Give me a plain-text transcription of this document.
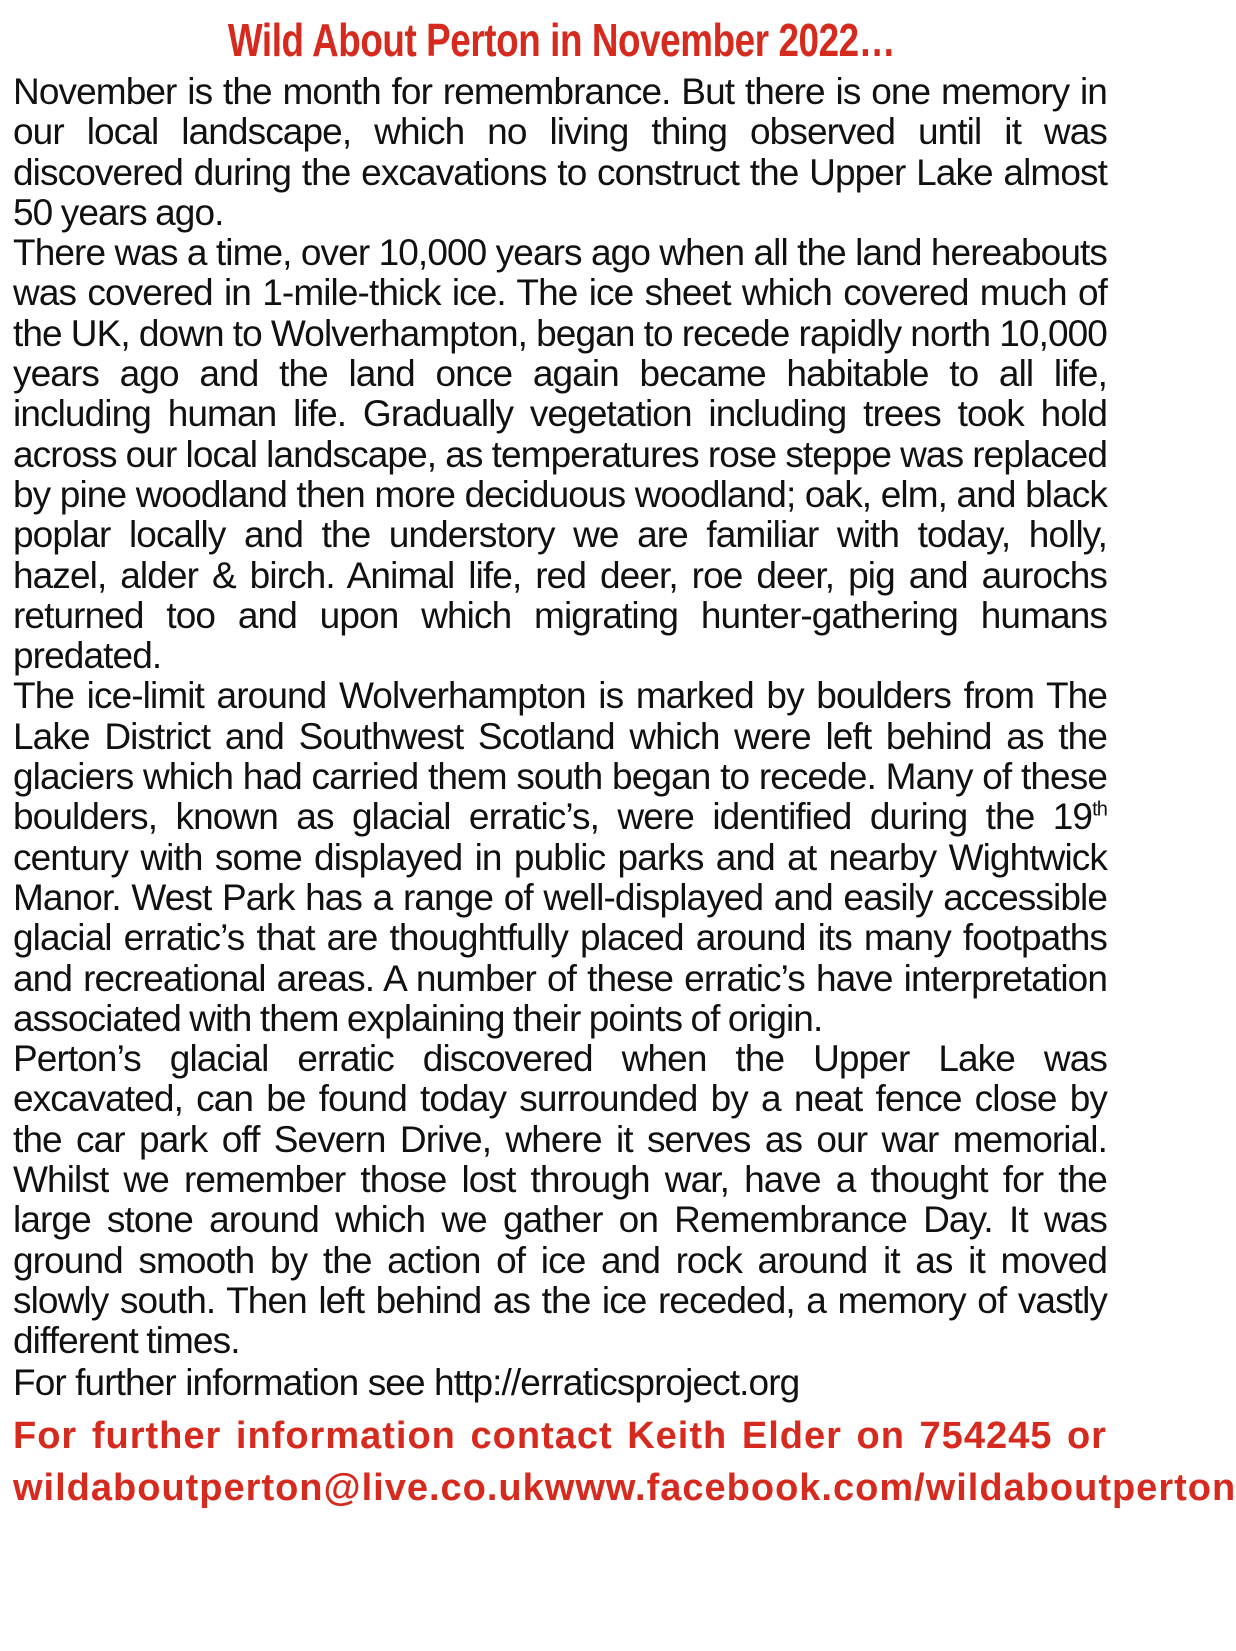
Wild About Perton in November 2022…

November is the month for remembrance. But there is one memory in our local landscape, which no living thing observed until it was discovered during the excavations to construct the Upper Lake almost 50 years ago.

There was a time, over 10,000 years ago when all the land hereabouts was covered in 1-mile-thick ice. The ice sheet which covered much of the UK, down to Wolverhampton, began to recede rapidly north 10,000 years ago and the land once again became habitable to all life, including human life. Gradually vegetation including trees took hold across our local landscape, as temperatures rose steppe was replaced by pine woodland then more deciduous woodland; oak, elm, and black poplar locally and the understory we are familiar with today, holly, hazel, alder & birch. Animal life, red deer, roe deer, pig and aurochs returned too and upon which migrating hunter-gathering humans predated.

The ice-limit around Wolverhampton is marked by boulders from The Lake District and Southwest Scotland which were left behind as the glaciers which had carried them south began to recede. Many of these boulders, known as glacial erratic’s, were identified during the 19th century with some displayed in public parks and at nearby Wightwick Manor. West Park has a range of well-displayed and easily accessible glacial erratic’s that are thoughtfully placed around its many footpaths and recreational areas. A number of these erratic’s have interpretation associated with them explaining their points of origin.

Perton’s glacial erratic discovered when the Upper Lake was excavated, can be found today surrounded by a neat fence close by the car park off Severn Drive, where it serves as our war memorial. Whilst we remember those lost through war, have a thought for the large stone around which we gather on Remembrance Day. It was ground smooth by the action of ice and rock around it as it moved slowly south. Then left behind as the ice receded, a memory of vastly different times.

For further information see http://erraticsproject.org

For further information contact Keith Elder on 754245 or
wildaboutperton@live.co.uk www.facebook.com/wildaboutperton
